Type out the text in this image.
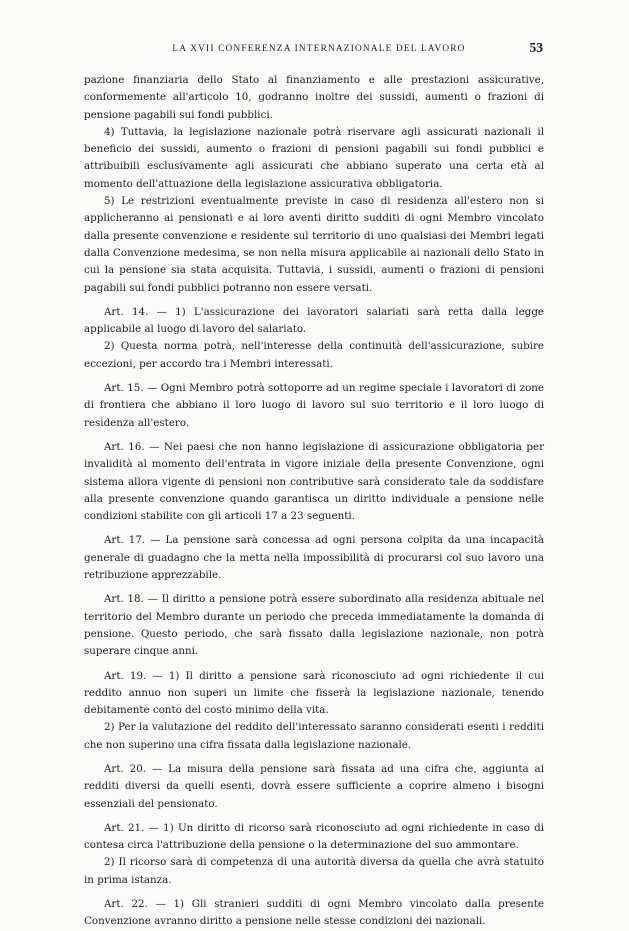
LA XVII CONFERENZA INTERNAZIONALE DEL LAVORO	53

pazione finanziaria dello Stato al finanziamento e alle prestazioni assicurative, conformemente all'articolo 10, godranno inoltre dei sussidi, aumenti o frazioni di pensione pagabili sui fondi pubblici.

4) Tuttavia, la legislazione nazionale potrà riservare agli assicurati nazionali il beneficio dei sussidi, aumento o frazioni di pensioni pagabili sui fondi pubblici e attribuibili esclusivamente agli assicurati che abbiano superato una certa età al momento dell'attuazione della legislazione assicurativa obbligatoria.

5) Le restrizioni eventualmente previste in caso di residenza all'estero non si applicheranno ai pensionati e ai loro aventi diritto sudditi di ogni Membro vincolato dalla presente convenzione e residente sul territorio di uno qualsiasi dei Membri legati dalla Convenzione medesima, se non nella misura applicabile ai nazionali dello Stato in cui la pensione sia stata acquisita. Tuttavia, i sussidi, aumenti o frazioni di pensioni pagabili sui fondi pubblici potranno non essere versati.

Art. 14. — 1) L'assicurazione dei lavoratori salariati sarà retta dalla legge applicabile al luogo di lavoro del salariato.

2) Questa norma potrà, nell'interesse della continuità dell'assicurazione, subire eccezioni, per accordo tra i Membri interessati.

Art. 15. — Ogni Membro potrà sottoporre ad un regime speciale i lavoratori di zone di frontiera che abbiano il loro luogo di lavoro sul suo territorio e il loro luogo di residenza all'estero.

Art. 16. — Nei paesi che non hanno legislazione di assicurazione obbligatoria per invalidità al momento dell'entrata in vigore iniziale della presente Convenzione, ogni sistema allora vigente di pensioni non contributive sarà considerato tale da soddisfare alla presente convenzione quando garantisca un diritto individuale a pensione nelle condizioni stabilite con gli articoli 17 a 23 seguenti.

Art. 17. — La pensione sarà concessa ad ogni persona colpita da una incapacità generale di guadagno che la metta nella impossibilità di procurarsi col suo lavoro una retribuzione apprezzabile.

Art. 18. — Il diritto a pensione potrà essere subordinato alla residenza abituale nel territorio del Membro durante un periodo che preceda immediatamente la domanda di pensione. Questo periodo, che sarà fissato dalla legislazione nazionale, non potrà superare cinque anni.

Art. 19. — 1) Il diritto a pensione sarà riconosciuto ad ogni richiedente il cui reddito annuo non superi un limite che fisserà la legislazione nazionale, tenendo debitamente conto del costo minimo della vita.

2) Per la valutazione del reddito dell'interessato saranno considerati esenti i redditi che non superino una cifra fissata dalla legislazione nazionale.

Art. 20. — La misura della pensione sarà fissata ad una cifra che, aggiunta ai redditi diversi da quelli esenti, dovrà essere sufficiente a coprire almeno i bisogni essenziali del pensionato.

Art. 21. — 1) Un diritto di ricorso sarà riconosciuto ad ogni richiedente in caso di contesa circa l'attribuzione della pensione o la determinazione del suo ammontare.

2) Il ricorso sarà di competenza di una autorità diversa da quella che avrà statuito in prima istanza.

Art. 22. — 1) Gli stranieri sudditi di ogni Membro vincolato dalla presente Convenzione avranno diritto a pensione nelle stesse condizioni dei nazionali.
